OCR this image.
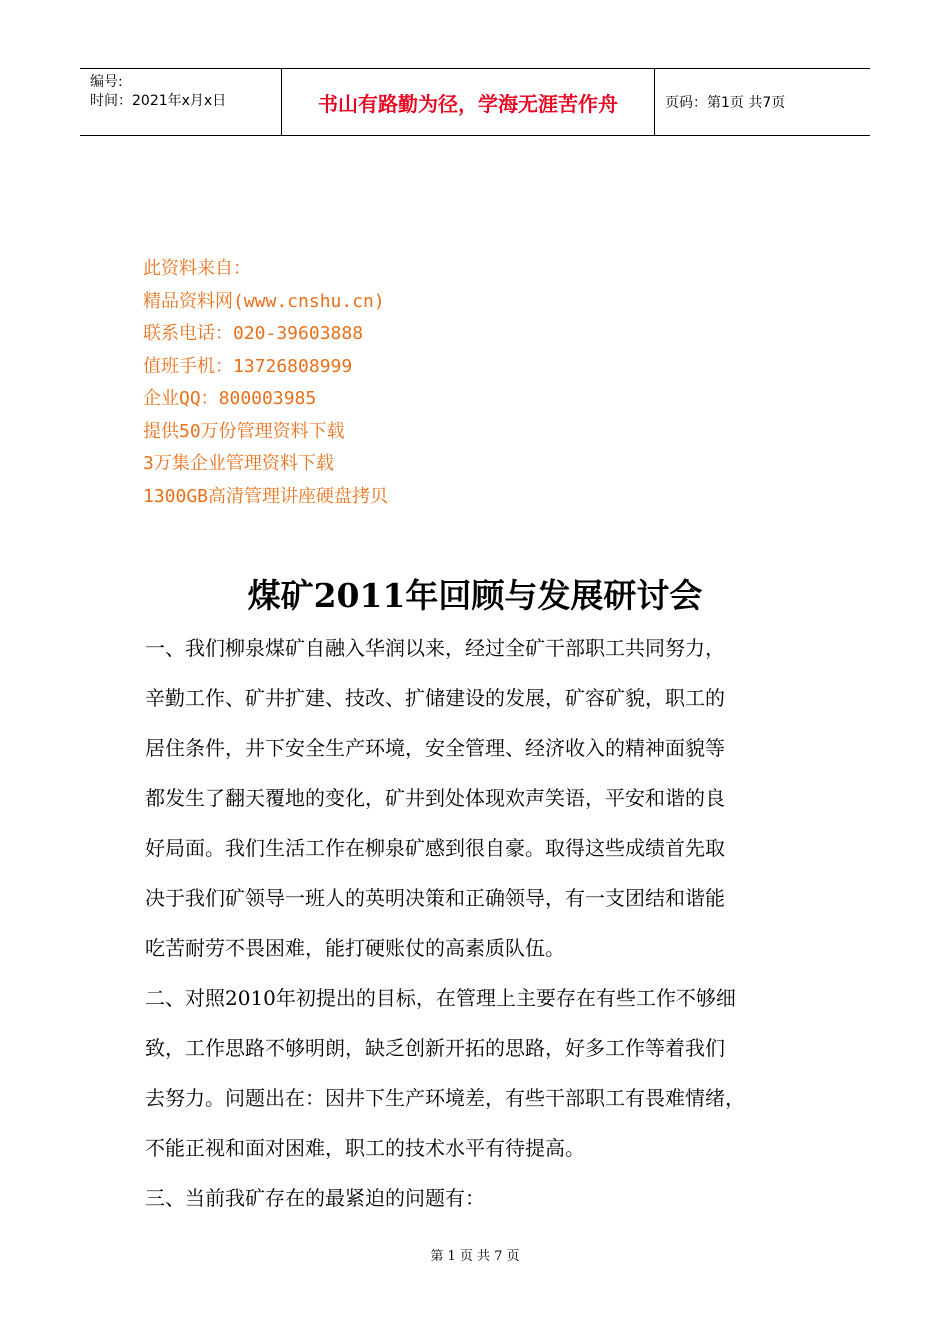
编号:
时间：2021年x月x日	书山有路勤为径，学海无涯苦作舟	页码：第1页 共7页
此资料来自：
精品资料网(www.cnshu.cn)
联系电话：020-39603888
值班手机：13726808999
企业QQ：800003985
提供50万份管理资料下载
3万集企业管理资料下载
1300GB高清管理讲座硬盘拷贝
煤矿2011年回顾与发展研讨会

一、我们柳泉煤矿自融入华润以来，经过全矿干部职工共同努力，

辛勤工作、矿井扩建、技改、扩储建设的发展，矿容矿貌，职工的

居住条件，井下安全生产环境，安全管理、经济收入的精神面貌等

都发生了翻天覆地的变化，矿井到处体现欢声笑语，平安和谐的良

好局面。我们生活工作在柳泉矿感到很自豪。取得这些成绩首先取

决于我们矿领导一班人的英明决策和正确领导，有一支团结和谐能

吃苦耐劳不畏困难，能打硬账仗的高素质队伍。

二、对照2010年初提出的目标，在管理上主要存在有些工作不够细

致，工作思路不够明朗，缺乏创新开拓的思路，好多工作等着我们

去努力。问题出在：因井下生产环境差，有些干部职工有畏难情绪，

不能正视和面对困难，职工的技术水平有待提高。

三、当前我矿存在的最紧迫的问题有：

第 1 页 共 7 页
